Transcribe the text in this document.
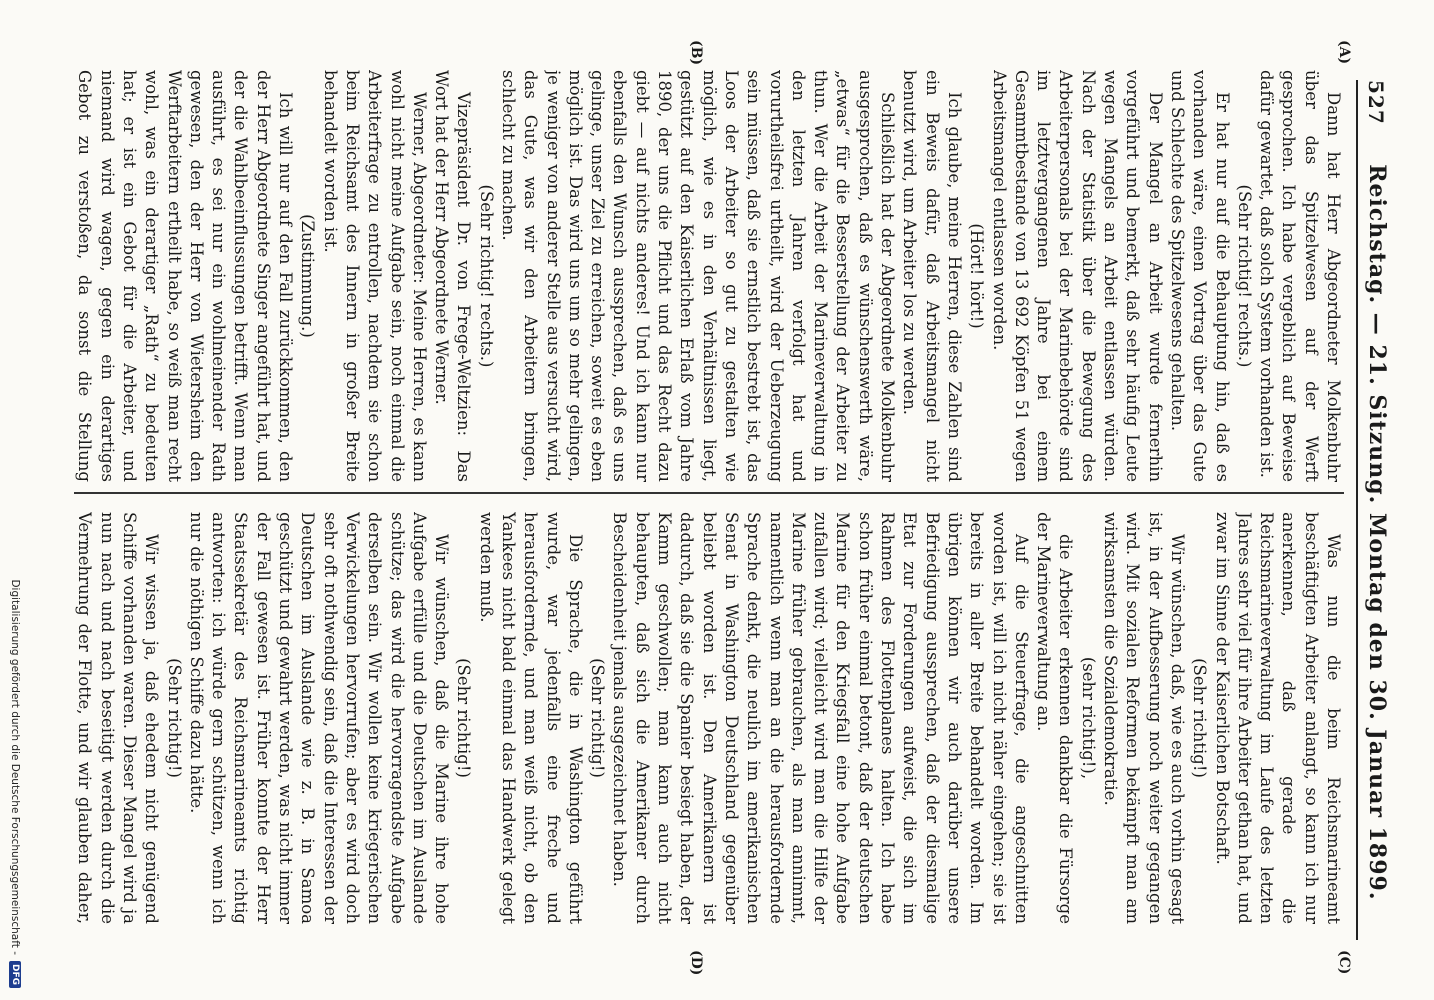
527
Reichstag. — 21. Sitzung. Montag den 30. Januar 1899.
(A)
(B)
(C)
(D)

Dann hat Herr Abgeordneter Molkenbuhr über das Spitzelwesen auf der Werft gesprochen. Ich habe vergeblich auf Beweise dafür gewartet, daß solch System vorhanden ist.

(Sehr richtig! rechts.)

Er hat nur auf die Behauptung hin, daß es vorhanden wäre, einen Vortrag über das Gute und Schlechte des Spitzelwesens gehalten.

Der Mangel an Arbeit wurde fernerhin vorgeführt und bemerkt, daß sehr häufig Leute wegen Mangels an Arbeit entlassen würden. Nach der Statistik über die Bewegung des Arbeiterpersonals bei der Marinebehörde sind im letztvergangenen Jahre bei einem Gesammtbestande von 13 692 Köpfen 51 wegen Arbeitsmangel entlassen worden.

(Hört! hört!)

Ich glaube, meine Herren, diese Zahlen sind ein Beweis dafür, daß Arbeitsmangel nicht benutzt wird, um Arbeiter los zu werden.

Schließlich hat der Abgeordnete Molkenbuhr ausgesprochen, daß es wünschenswerth wäre, „etwas“ für die Besserstellung der Arbeiter zu thun. Wer die Arbeit der Marineverwaltung in den letzten Jahren verfolgt hat und vorurtheilsfrei urtheilt, wird der Ueberzeugung sein müssen, daß sie ernstlich bestrebt ist, das Loos der Arbeiter so gut zu gestalten wie möglich, wie es in den Verhältnissen liegt, gestützt auf den Kaiserlichen Erlaß vom Jahre 1890, der uns die Pflicht und das Recht dazu giebt — auf nichts anderes! Und ich kann nur ebenfalls den Wunsch aussprechen, daß es uns gelinge, unser Ziel zu erreichen, soweit es eben möglich ist. Das wird uns um so mehr gelingen, je weniger von anderer Stelle aus versucht wird, das Gute, was wir den Arbeitern bringen, schlecht zu machen.

(Sehr richtig! rechts.)

Vizepräsident Dr. von Frege-Weltzien: Das Wort hat der Herr Abgeordnete Werner.

Werner, Abgeordneter: Meine Herren, es kann wohl nicht meine Aufgabe sein, noch einmal die Arbeiterfrage zu entrollen, nachdem sie schon beim Reichsamt des Innern in großer Breite behandelt worden ist.

(Zustimmung.)

Ich will nur auf den Fall zurückkommen, den der Herr Abgeordnete Singer angeführt hat, und der die Wahlbeeinflussungen betrifft. Wenn man ausführt, es sei nur ein wohlmeinender Rath gewesen, den der Herr von Wietersheim den Werftarbeitern ertheilt habe, so weiß man recht wohl, was ein derartiger „Rath“ zu bedeuten hat; er ist ein Gebot für die Arbeiter, und niemand wird wagen, gegen ein derartiges Gebot zu verstoßen, da sonst die Stellung

Was nun die beim Reichsmarineamt beschäftigten Arbeiter anlangt, so kann ich nur anerkennen, daß gerade die Reichsmarineverwaltung im Laufe des letzten Jahres sehr viel für ihre Arbeiter gethan hat, und zwar im Sinne der Kaiserlichen Botschaft.

(Sehr richtig!)

Wir wünschen, daß, wie es auch vorhin gesagt ist, in der Aufbesserung noch weiter gegangen wird. Mit sozialen Reformen bekämpft man am wirksamsten die Sozialdemokratie.

(sehr richtig!),

die Arbeiter erkennen dankbar die Fürsorge der Marineverwaltung an.

Auf die Steuerfrage, die angeschnitten worden ist, will ich nicht näher eingehen; sie ist bereits in aller Breite behandelt worden. Im übrigen können wir auch darüber unsere Befriedigung aussprechen, daß der diesmalige Etat zur Forderungen aufweist, die sich im Rahmen des Flottenplanes halten. Ich habe schon früher einmal betont, daß der deutschen Marine für den Kriegsfall eine hohe Aufgabe zufallen wird; vielleicht wird man die Hilfe der Marine früher gebrauchen, als man annimmt, namentlich wenn man an die herausfordernde Sprache denkt, die neulich im amerikanischen Senat in Washington Deutschland gegenüber beliebt worden ist. Den Amerikanern ist dadurch, daß sie die Spanier besiegt haben, der Kamm geschwollen; man kann auch nicht behaupten, daß sich die Amerikaner durch Bescheidenheit jemals ausgezeichnet haben.

(Sehr richtig!)

Die Sprache, die in Washington geführt wurde, war jedenfalls eine freche und herausfordernde, und man weiß nicht, ob den Yankees nicht bald einmal das Handwerk gelegt werden muß.

(Sehr richtig!)

Wir wünschen, daß die Marine ihre hohe Aufgabe erfülle und die Deutschen im Auslande schütze; das wird die hervorragendste Aufgabe derselben sein. Wir wollen keine kriegerischen Verwickelungen hervorrufen; aber es wird doch sehr oft nothwendig sein, daß die Interessen der Deutschen im Auslande wie z. B. in Samoa geschützt und gewahrt werden, was nicht immer der Fall gewesen ist. Früher konnte der Herr Staatssekretär des Reichsmarineamts richtig antworten: ich würde gern schützen, wenn ich nur die nöthigen Schiffe dazu hätte.

(Sehr richtig!)

Wir wissen ja, daß ehedem nicht genügend Schiffe vorhanden waren. Dieser Mangel wird ja nun nach und nach beseitigt werden durch die Vermehrung der Flotte, und wir glauben daher,

Digitalisierung gefördert durch die Deutsche Forschungsgemeinschaft -
DFG
